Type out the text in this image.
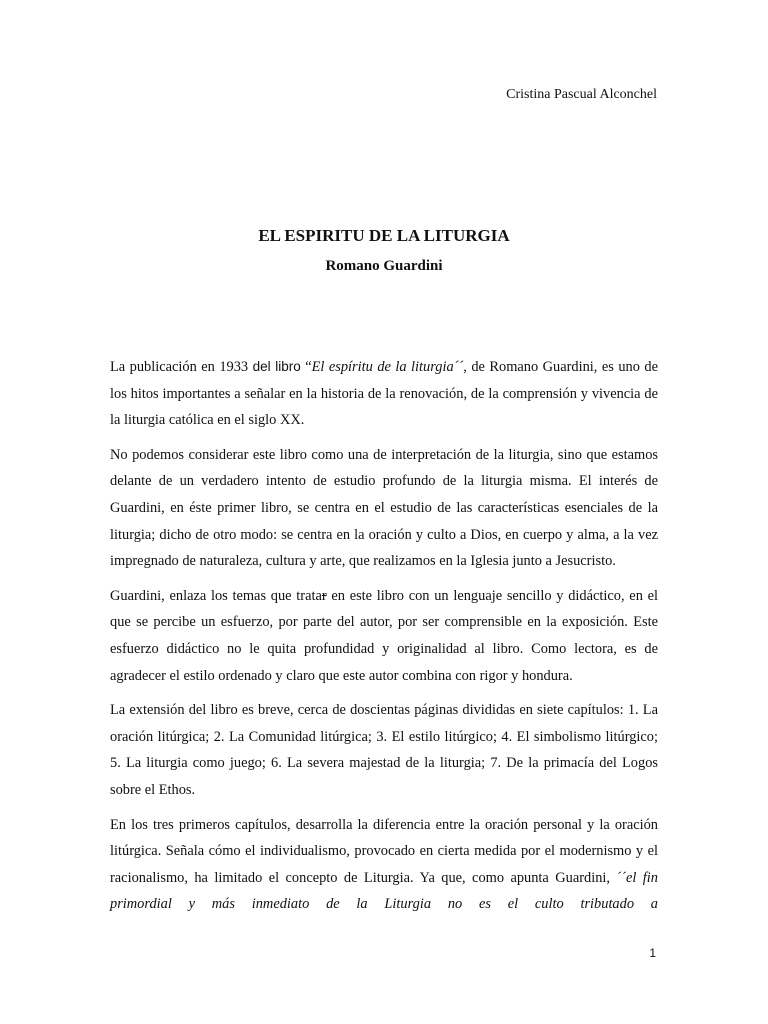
Cristina Pascual Alconchel
EL ESPIRITU DE LA LITURGIA
Romano Guardini

La publicación en 1933 del libro “El espíritu de la liturgia´´, de Romano Guardini, es uno de los hitos importantes a señalar en la historia de la renovación, de la comprensión y vivencia de la liturgia católica en el siglo XX.

No podemos considerar este libro como una de interpretación de la liturgia, sino que estamos delante de un verdadero intento de estudio profundo de la liturgia misma. El interés de Guardini, en éste primer libro, se centra en el estudio de las características esenciales de la liturgia; dicho de otro modo: se centra en la oración y culto a Dios, en cuerpo y alma, a la vez impregnado de naturaleza, cultura y arte, que realizamos en la Iglesia junto a Jesucristo.

Guardini, enlaza los temas que tratar en este libro con un lenguaje sencillo y didáctico, en el que se percibe un esfuerzo, por parte del autor, por ser comprensible en la exposición. Este esfuerzo didáctico no le quita profundidad y originalidad al libro. Como lectora, es de agradecer el estilo ordenado y claro que este autor combina con rigor y hondura.

La extensión del libro es breve, cerca de doscientas páginas divididas en siete capítulos: 1. La oración litúrgica; 2. La Comunidad litúrgica; 3. El estilo litúrgico; 4. El simbolismo litúrgico; 5. La liturgia como juego; 6. La severa majestad de la liturgia; 7. De la primacía del Logos sobre el Ethos.

En los tres primeros capítulos, desarrolla la diferencia entre la oración personal y la oración litúrgica. Señala cómo el individualismo, provocado en cierta medida por el modernismo y el racionalismo, ha limitado el concepto de Liturgia. Ya que, como apunta Guardini, ´´el fin primordial y más inmediato de la Liturgia no es el culto tributado a

1
